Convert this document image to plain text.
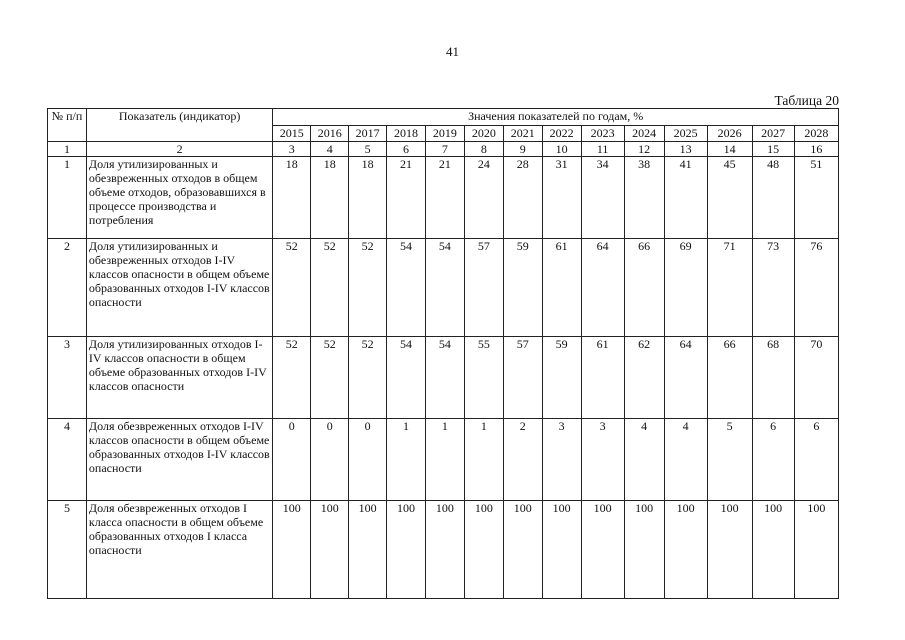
41
Таблица 20
№ п/п	Показатель (индикатор)	Значения показателей по годам, %													
		2015	2016	2017	2018	2019	2020	2021	2022	2023	2024	2025	2026	2027	2028
1	2	3	4	5	6	7	8	9	10	11	12	13	14	15	16
1	Доля утилизированных и обезвреженных отходов в общем объеме отходов, образовавшихся в процессе производства и потребления	18	18	18	21	21	24	28	31	34	38	41	45	48	51
2	Доля утилизированных и обезвреженных отходов I-IV классов опасности в общем объеме образованных отходов I-IV классов опасности	52	52	52	54	54	57	59	61	64	66	69	71	73	76
3	Доля утилизированных отходов I-IV классов опасности в общем объеме образованных отходов I-IV классов опасности	52	52	52	54	54	55	57	59	61	62	64	66	68	70
4	Доля обезвреженных отходов I-IV классов опасности в общем объеме образованных отходов I-IV классов опасности	0	0	0	1	1	1	2	3	3	4	4	5	6	6
5	Доля обезвреженных отходов I класса опасности в общем объеме образованных отходов I класса опасности	100	100	100	100	100	100	100	100	100	100	100	100	100	100
